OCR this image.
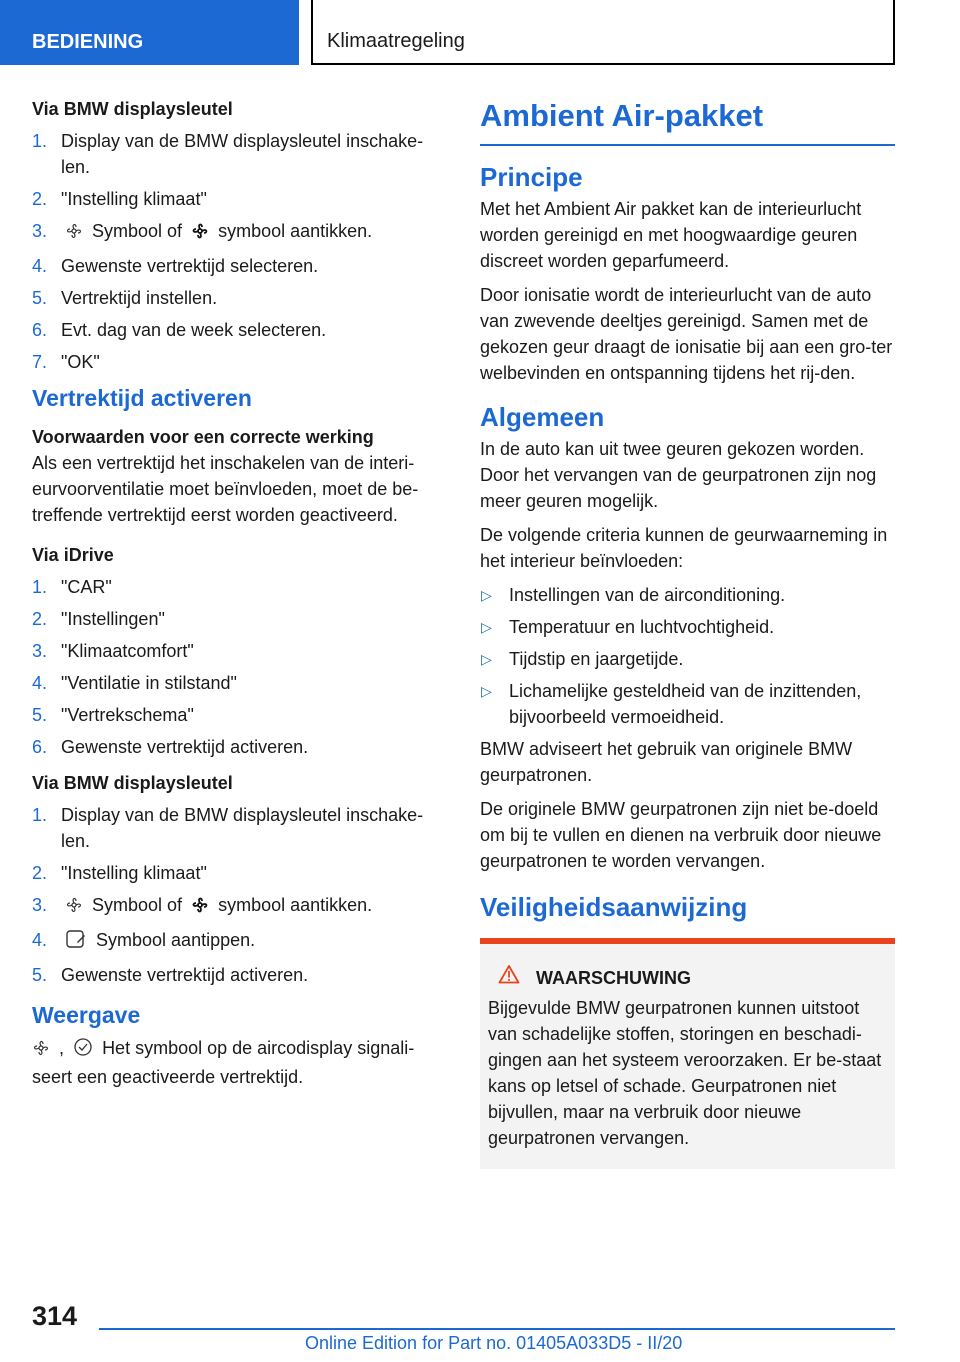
BEDIENING	Klimaatregeling

Via BMW displaysleutel

1. Display van de BMW displaysleutel inschake-len.
2. "Instelling klimaat"
3.	Symbool of symbool aantikken.
4. Gewenste vertrektijd selecteren.
5. Vertrektijd instellen.
6. Evt. dag van de week selecteren.
7. "OK"
Vertrektijd activeren

Voorwaarden voor een correcte werking

Als een vertrektijd het inschakelen van de interi-eurvoorventilatie moet beïnvloeden, moet de be-treffende vertrektijd eerst worden geactiveerd.

Via iDrive

1. "CAR"
2. "Instellingen"
3. "Klimaatcomfort"
4. "Ventilatie in stilstand"
5. "Vertrekschema"
6. Gewenste vertrektijd activeren.

Via BMW displaysleutel

1. Display van de BMW displaysleutel inschake-len.
2. "Instelling klimaat"
3.	Symbool of symbool aantikken.
4.	Symbool aantippen.
5. Gewenste vertrektijd activeren.
Weergave

, Het symbool op de aircodisplay signali-seert een geactiveerde vertrektijd.

Ambient Air-pakket
Principe

Met het Ambient Air pakket kan de interieurlucht worden gereinigd en met hoogwaardige geuren discreet worden geparfumeerd.

Door ionisatie wordt de interieurlucht van de auto van zwevende deeltjes gereinigd. Samen met de gekozen geur draagt de ionisatie bij aan een gro-ter welbevinden en ontspanning tijdens het rij-den.

Algemeen

In de auto kan uit twee geuren gekozen worden. Door het vervangen van de geurpatronen zijn nog meer geuren mogelijk.

De volgende criteria kunnen de geurwaarneming in het interieur beïnvloeden:

▷ Instellingen van de airconditioning.
▷ Temperatuur en luchtvochtigheid.
▷ Tijdstip en jaargetijde.
▷ Lichamelijke gesteldheid van de inzittenden, bijvoorbeeld vermoeidheid.

BMW adviseert het gebruik van originele BMW geurpatronen.

De originele BMW geurpatronen zijn niet be-doeld om bij te vullen en dienen na verbruik door nieuwe geurpatronen te worden vervangen.

Veiligheidsaanwijzing
WAARSCHUWING

Bijgevulde BMW geurpatronen kunnen uitstoot van schadelijke stoffen, storingen en beschadi-gingen aan het systeem veroorzaken. Er be-staat kans op letsel of schade. Geurpatronen niet bijvullen, maar na verbruik door nieuwe geurpatronen vervangen.

314
Online Edition for Part no. 01405A033D5 - II/20
